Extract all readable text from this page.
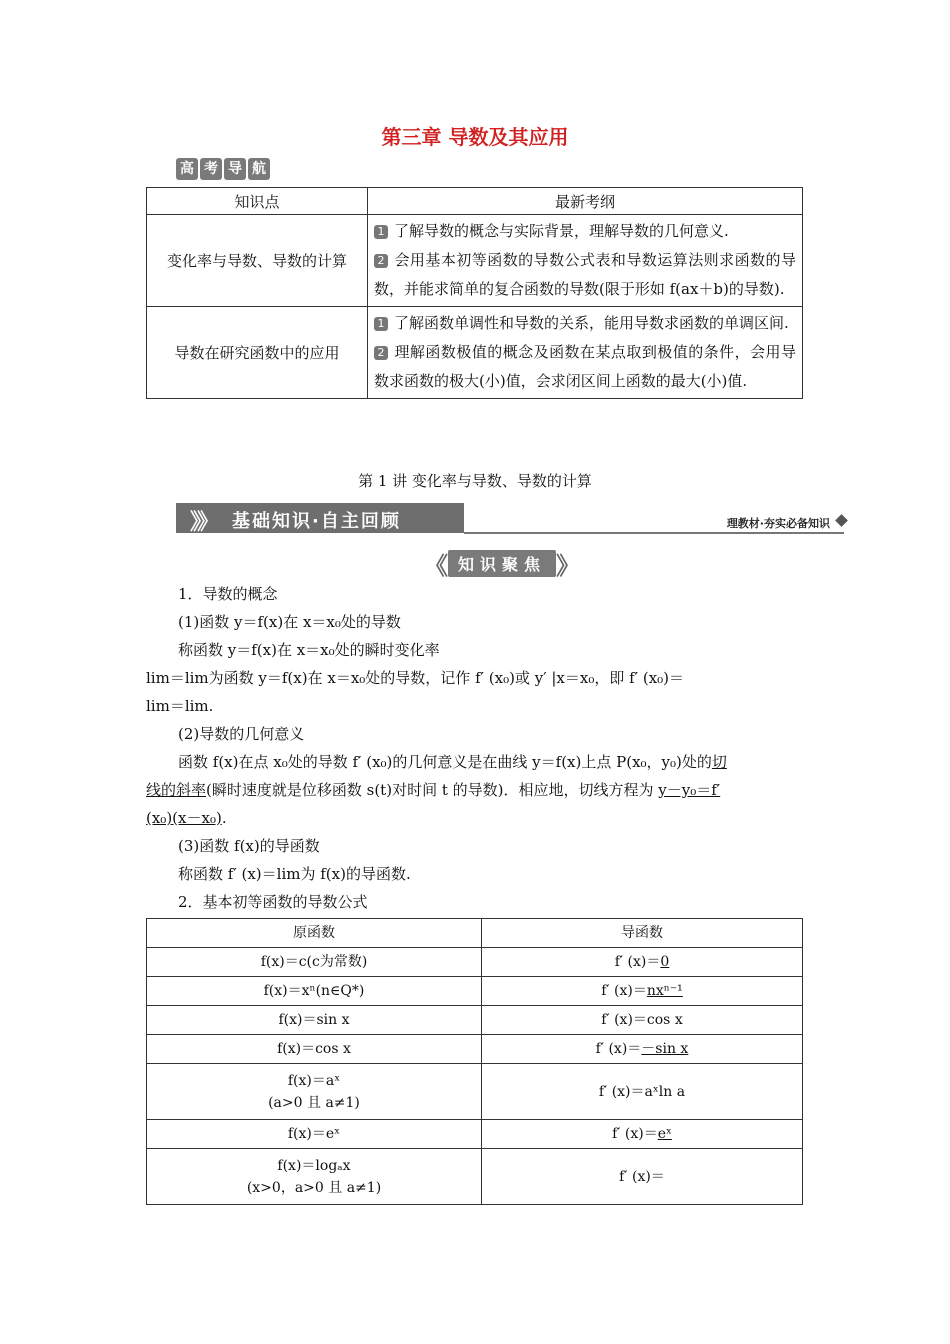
第三章 导数及其应用
高 考 导 航
知识点	最新考纲
变化率与导数、导数的计算	1 了解导数的概念与实际背景，理解导数的几何意义.
2 会用基本初等函数的导数公式表和导数运算法则求函数的导数，并能求简单的复合函数的导数(限于形如 f(ax＋b)的导数).

导数在研究函数中的应用	1 了解函数单调性和导数的关系，能用导数求函数的单调区间.
2 理解函数极值的概念及函数在某点取到极值的条件，会用导数求函数的极大(小)值，会求闭区间上函数的最大(小)值.
第 1 讲 变化率与导数、导数的计算
》》 基础知识·自主回顾	理教材·夯实必备知识
《 知识聚焦 》
1．导数的概念
(1)函数 y＝f(x)在 x＝x₀处的导数
称函数 y＝f(x)在 x＝x₀处的瞬时变化率
lim＝lim为函数 y＝f(x)在 x＝x₀处的导数，记作 f′ (x₀)或 y′ |x＝x₀，即 f′ (x₀)＝
lim＝lim.
(2)导数的几何意义
函数 f(x)在点 x₀处的导数 f′ (x₀)的几何意义是在曲线 y＝f(x)上点 P(x₀，y₀)处的切
线的斜率(瞬时速度就是位移函数 s(t)对时间 t 的导数)．相应地，切线方程为 y－y₀＝f′
(x₀)(x－x₀).
(3)函数 f(x)的导函数
称函数 f′ (x)＝lim为 f(x)的导函数.
2．基本初等函数的导数公式
原函数	导函数
f(x)＝c(c为常数)	f′ (x)＝0
f(x)＝xⁿ(n∈Q*)	f′ (x)＝nxⁿ⁻¹
f(x)＝sin x	f′ (x)＝cos x
f(x)＝cos x	f′ (x)＝－sin x

f(x)＝aˣ
(a>0 且 a≠1)	f′ (x)＝aˣln a
f(x)＝eˣ	f′ (x)＝eˣ

f(x)＝logₐx
(x>0，a>0 且 a≠1)	f′ (x)＝
